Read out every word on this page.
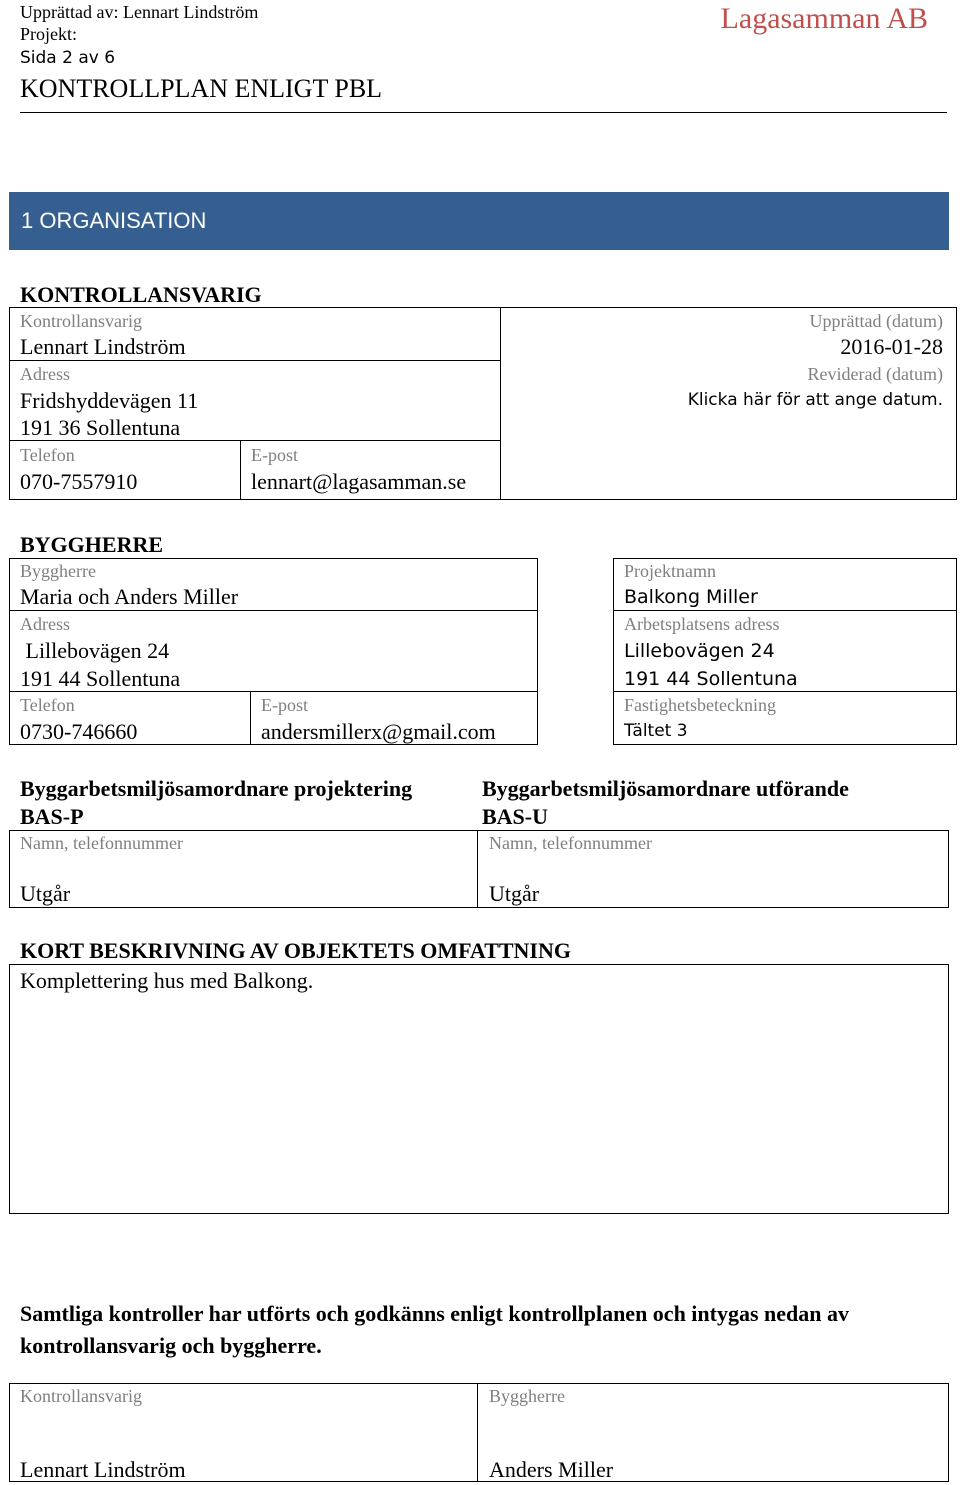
Upprättad av: Lennart Lindström
Projekt:
Sida 2 av 6
KONTROLLPLAN ENLIGT PBL
Lagasamman AB
1 ORGANISATION
KONTROLLANSVARIG
Kontrollansvarig
Lennart Lindström
Adress
Fridshyddevägen 11
191 36 Sollentuna
Telefon
070-7557910
E-post
lennart@lagasamman.se
Upprättad (datum)
2016-01-28
Reviderad (datum)
Klicka här för att ange datum.
BYGGHERRE
Byggherre
Maria och Anders Miller
Adress
Lillebovägen 24
191 44 Sollentuna
Telefon
0730-746660
E-post
andersmillerx@gmail.com
Projektnamn
Balkong Miller
Arbetsplatsens adress
Lillebovägen 24
191 44 Sollentuna
Fastighetsbeteckning
Tältet 3
Byggarbetsmiljösamordnare projektering
BAS-P
Byggarbetsmiljösamordnare utförande
BAS-U
Namn, telefonnummer
Utgår
Namn, telefonnummer
Utgår
KORT BESKRIVNING AV OBJEKTETS OMFATTNING
Komplettering hus med Balkong.
Samtliga kontroller har utförts och godkänns enligt kontrollplanen och intygas nedan av
kontrollansvarig och byggherre.
Kontrollansvarig
Lennart Lindström
Byggherre
Anders Miller
